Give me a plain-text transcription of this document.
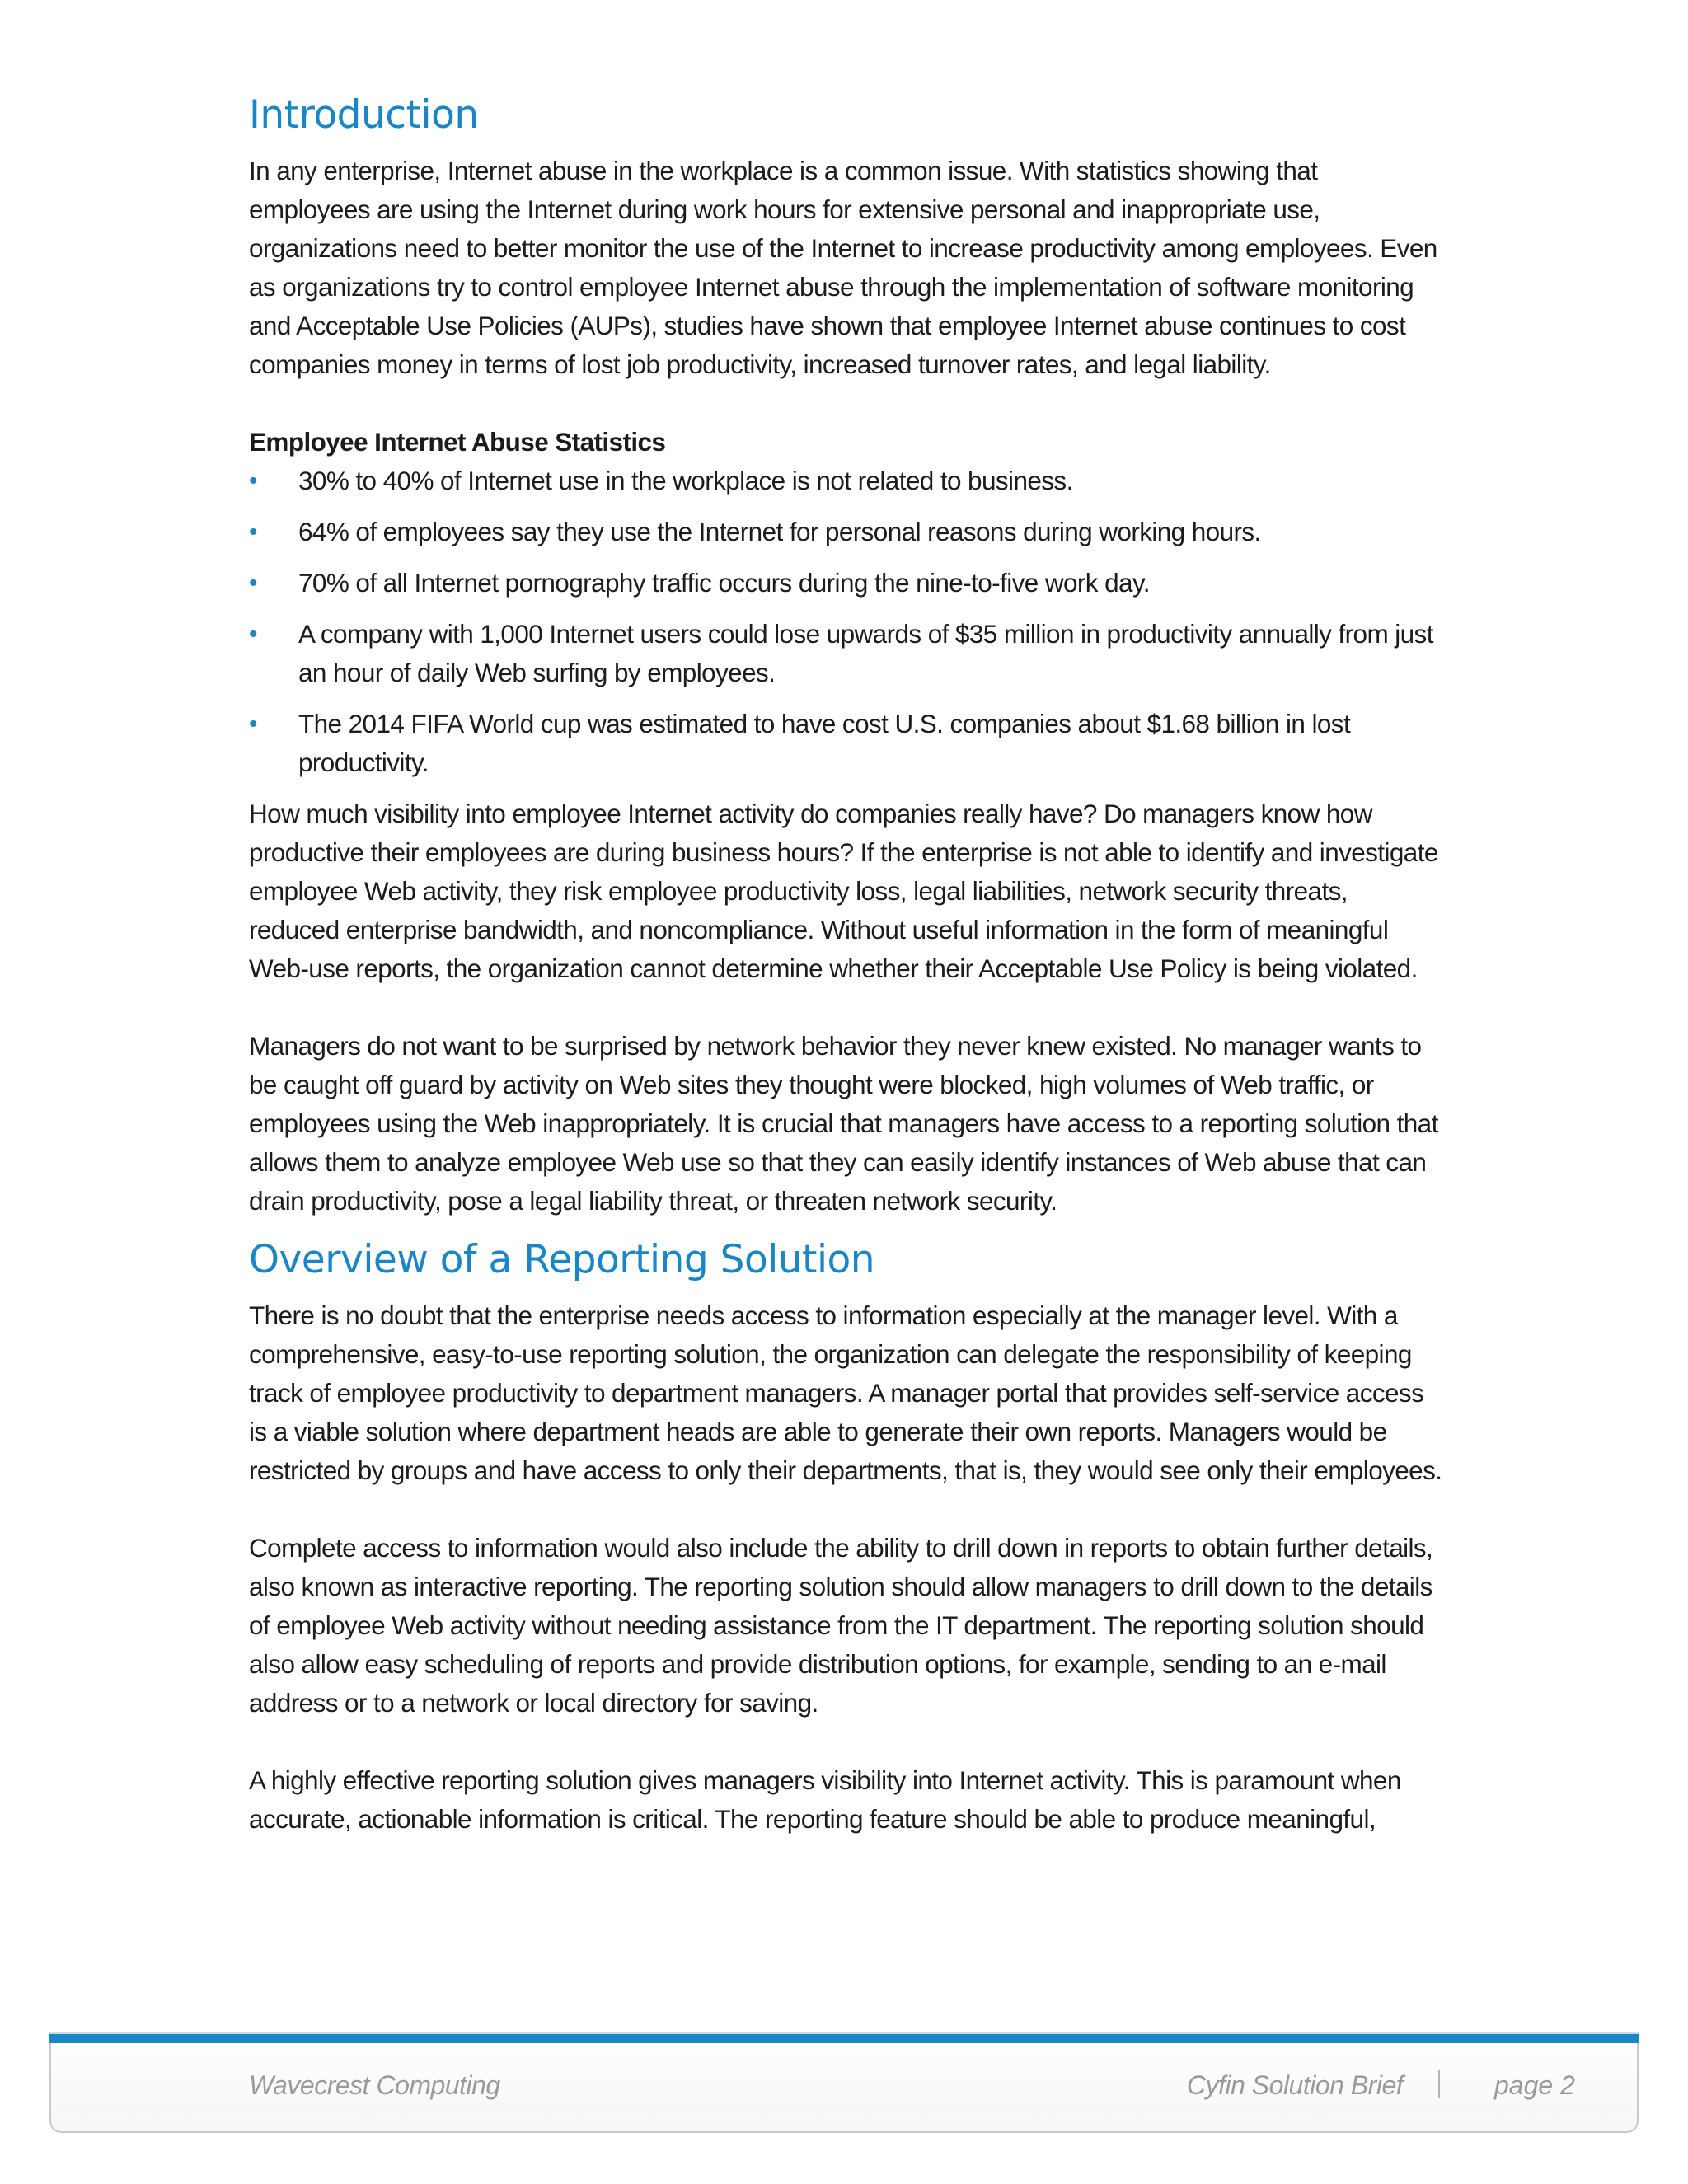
Introduction

In any enterprise, Internet abuse in the workplace is a common issue. With statistics showing that employees are using the Internet during work hours for extensive personal and inappropriate use, organizations need to better monitor the use of the Internet to increase productivity among employees. Even as organizations try to control employee Internet abuse through the implementation of software monitoring and Acceptable Use Policies (AUPs), studies have shown that employee Internet abuse continues to cost companies money in terms of lost job productivity, increased turnover rates, and legal liability.

Employee Internet Abuse Statistics
• 30% to 40% of Internet use in the workplace is not related to business.
• 64% of employees say they use the Internet for personal reasons during working hours.
• 70% of all Internet pornography traffic occurs during the nine-to-five work day.
• A company with 1,000 Internet users could lose upwards of $35 million in productivity annually from just an hour of daily Web surfing by employees.
• The 2014 FIFA World cup was estimated to have cost U.S. companies about $1.68 billion in lost productivity.

How much visibility into employee Internet activity do companies really have? Do managers know how productive their employees are during business hours? If the enterprise is not able to identify and investigate employee Web activity, they risk employee productivity loss, legal liabilities, network security threats, reduced enterprise bandwidth, and noncompliance. Without useful information in the form of meaningful Web-use reports, the organization cannot determine whether their Acceptable Use Policy is being violated.

Managers do not want to be surprised by network behavior they never knew existed. No manager wants to be caught off guard by activity on Web sites they thought were blocked, high volumes of Web traffic, or employees using the Web inappropriately. It is crucial that managers have access to a reporting solution that allows them to analyze employee Web use so that they can easily identify instances of Web abuse that can drain productivity, pose a legal liability threat, or threaten network security.

Overview of a Reporting Solution

There is no doubt that the enterprise needs access to information especially at the manager level. With a comprehensive, easy-to-use reporting solution, the organization can delegate the responsibility of keeping track of employee productivity to department managers. A manager portal that provides self-service access is a viable solution where department heads are able to generate their own reports. Managers would be restricted by groups and have access to only their departments, that is, they would see only their employees.

Complete access to information would also include the ability to drill down in reports to obtain further details, also known as interactive reporting. The reporting solution should allow managers to drill down to the details of employee Web activity without needing assistance from the IT department. The reporting solution should also allow easy scheduling of reports and provide distribution options, for example, sending to an e-mail address or to a network or local directory for saving.

A highly effective reporting solution gives managers visibility into Internet activity. This is paramount when accurate, actionable information is critical. The reporting feature should be able to produce meaningful,

Wavecrest Computing	Cyfin Solution Brief	page 2
